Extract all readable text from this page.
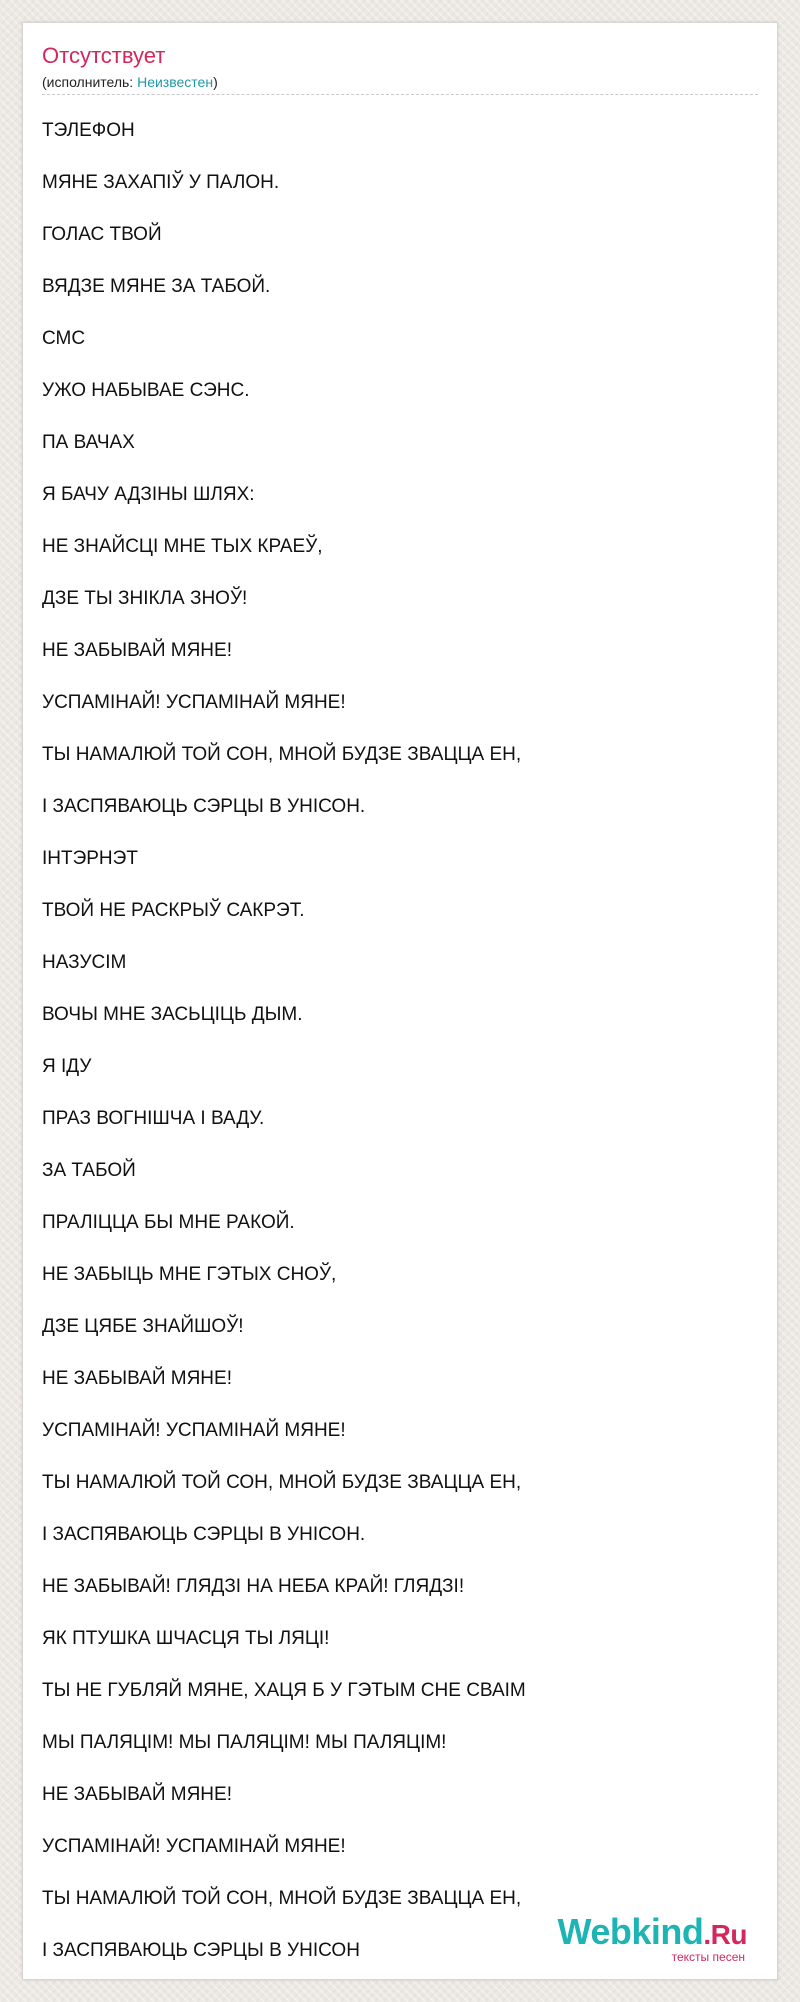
Отсутствует
(исполнитель: Неизвестен)
ТЭЛЕФОН
МЯНЕ ЗАХАПІЎ У ПАЛОН.
ГОЛАС ТВОЙ
ВЯДЗЕ МЯНЕ ЗА ТАБОЙ.
СМС
УЖО НАБЫВАЕ СЭНС.
ПА ВАЧАХ
Я БАЧУ АДЗІНЫ ШЛЯХ:
НЕ ЗНАЙСЦІ МНЕ ТЫХ КРАЕЎ,
ДЗЕ ТЫ ЗНІКЛА ЗНОЎ!
НЕ ЗАБЫВАЙ МЯНЕ!
УСПАМІНАЙ! УСПАМІНАЙ МЯНЕ!
ТЫ НАМАЛЮЙ ТОЙ СОН, МНОЙ БУДЗЕ ЗВАЦЦА ЕН,
І ЗАСПЯВАЮЦЬ СЭРЦЫ В УНІСОН.
ІНТЭРНЭТ
ТВОЙ НЕ РАСКРЫЎ САКРЭТ.
НАЗУСІМ
ВОЧЫ МНЕ ЗАСЬЦІЦЬ ДЫМ.
Я ІДУ
ПРАЗ ВОГНІШЧА І ВАДУ.
ЗА ТАБОЙ
ПРАЛІЦЦА БЫ МНЕ РАКОЙ.
НЕ ЗАБЫЦЬ МНЕ ГЭТЫХ СНОЎ,
ДЗЕ ЦЯБЕ ЗНАЙШОЎ!
НЕ ЗАБЫВАЙ МЯНЕ!
УСПАМІНАЙ! УСПАМІНАЙ МЯНЕ!
ТЫ НАМАЛЮЙ ТОЙ СОН, МНОЙ БУДЗЕ ЗВАЦЦА ЕН,
І ЗАСПЯВАЮЦЬ СЭРЦЫ В УНІСОН.
НЕ ЗАБЫВАЙ! ГЛЯДЗІ НА НЕБА КРАЙ! ГЛЯДЗІ!
ЯК ПТУШКА ШЧАСЦЯ ТЫ ЛЯЦІ!
ТЫ НЕ ГУБЛЯЙ МЯНЕ, ХАЦЯ Б У ГЭТЫМ СНЕ СВАІМ
МЫ ПАЛЯЦІМ! МЫ ПАЛЯЦІМ! МЫ ПАЛЯЦІМ!
НЕ ЗАБЫВАЙ МЯНЕ!
УСПАМІНАЙ! УСПАМІНАЙ МЯНЕ!
ТЫ НАМАЛЮЙ ТОЙ СОН, МНОЙ БУДЗЕ ЗВАЦЦА ЕН,
І ЗАСПЯВАЮЦЬ СЭРЦЫ В УНІСОН	Webkind.Ru
тексты песен
